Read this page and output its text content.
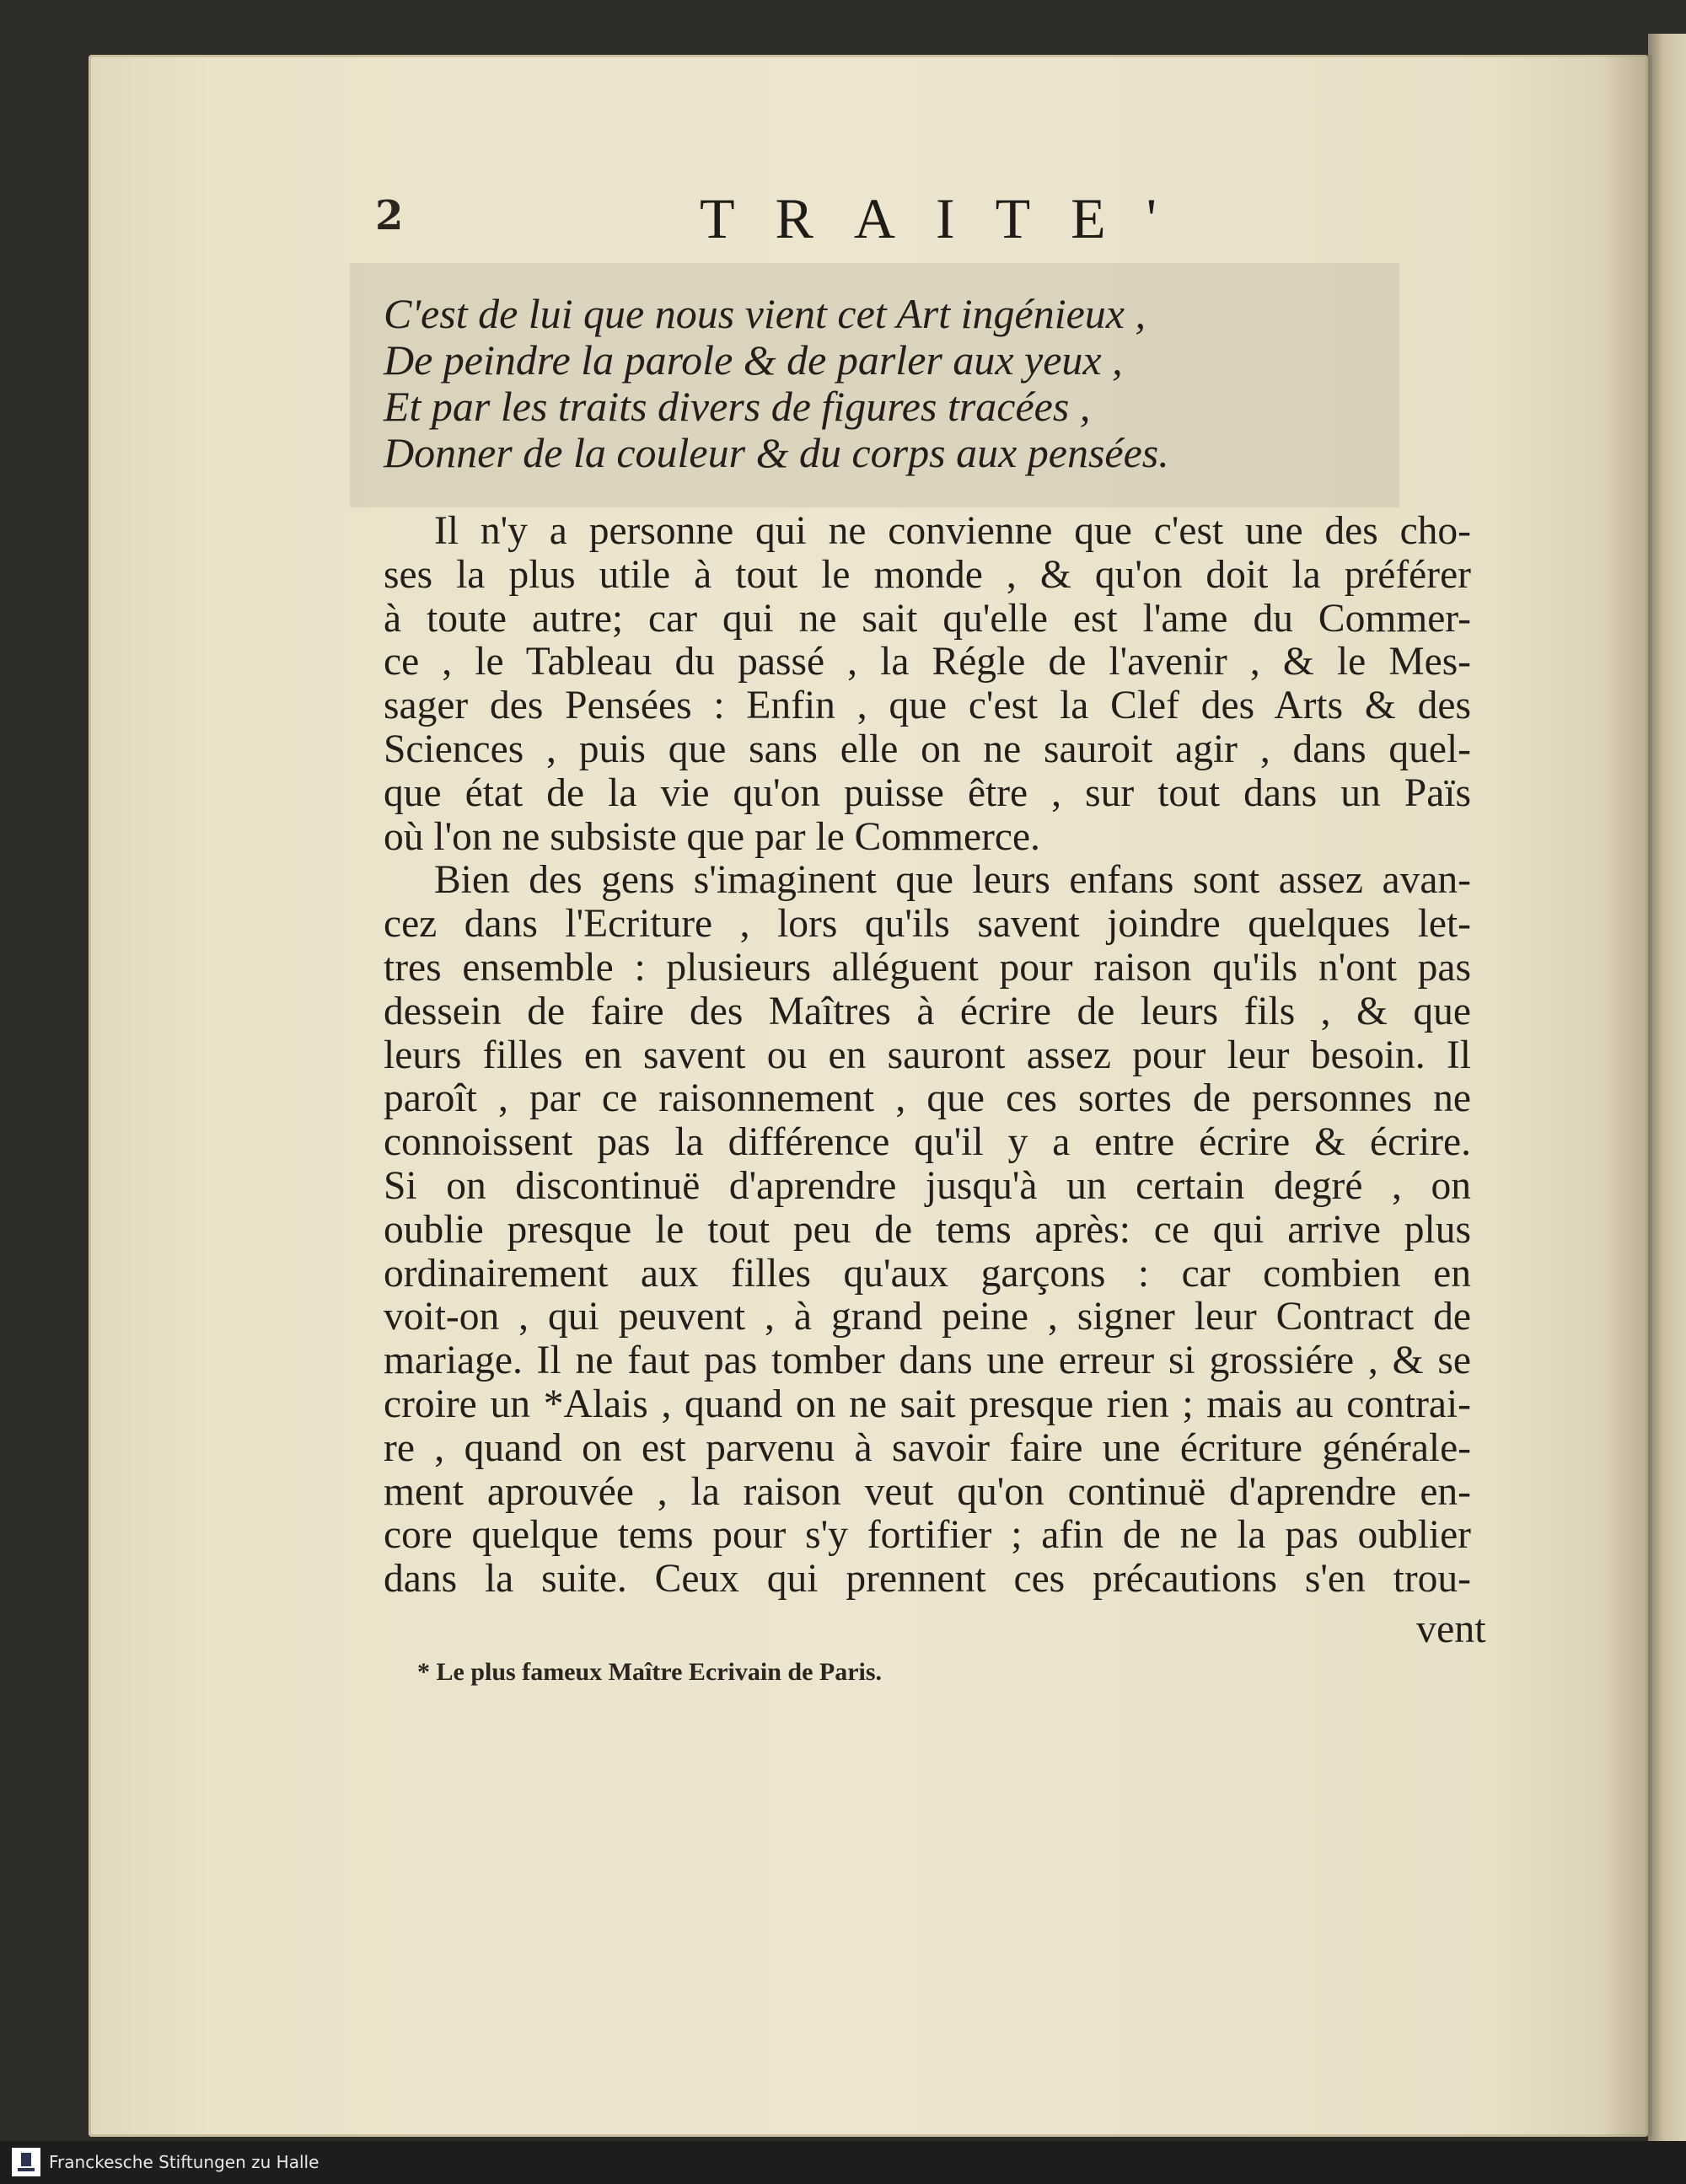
2	TRAITE'
C'est de lui que nous vient cet Art ingénieux ,
De peindre la parole & de parler aux yeux ,
Et par les traits divers de figures tracées ,
Donner de la couleur & du corps aux pensées.
Il n'y a personne qui ne convienne que c'est une des cho-
ses la plus utile à tout le monde , & qu'on doit la préférer
à toute autre; car qui ne sait qu'elle est l'ame du Commer-
ce , le Tableau du passé , la Régle de l'avenir , & le Mes-
sager des Pensées : Enfin , que c'est la Clef des Arts & des
Sciences , puis que sans elle on ne sauroit agir , dans quel-
que état de la vie qu'on puisse être , sur tout dans un Païs
où l'on ne subsiste que par le Commerce.
Bien des gens s'imaginent que leurs enfans sont assez avan-
cez dans l'Ecriture , lors qu'ils savent joindre quelques let-
tres ensemble : plusieurs alléguent pour raison qu'ils n'ont pas
dessein de faire des Maîtres à écrire de leurs fils , & que
leurs filles en savent ou en sauront assez pour leur besoin. Il
paroît , par ce raisonnement , que ces sortes de personnes ne
connoissent pas la différence qu'il y a entre écrire & écrire.
Si on discontinuë d'aprendre jusqu'à un certain degré , on
oublie presque le tout peu de tems après: ce qui arrive plus
ordinairement aux filles qu'aux garçons : car combien en
voit-on , qui peuvent , à grand peine , signer leur Contract de
mariage. Il ne faut pas tomber dans une erreur si grossiére , & se
croire un *Alais , quand on ne sait presque rien ; mais au contrai-
re , quand on est parvenu à savoir faire une écriture générale-
ment aprouvée , la raison veut qu'on continuë d'aprendre en-
core quelque tems pour s'y fortifier ; afin de ne la pas oublier
dans la suite. Ceux qui prennent ces précautions s'en trou-
vent
* Le plus fameux Maître Ecrivain de Paris.
Franckesche Stiftungen zu Halle
